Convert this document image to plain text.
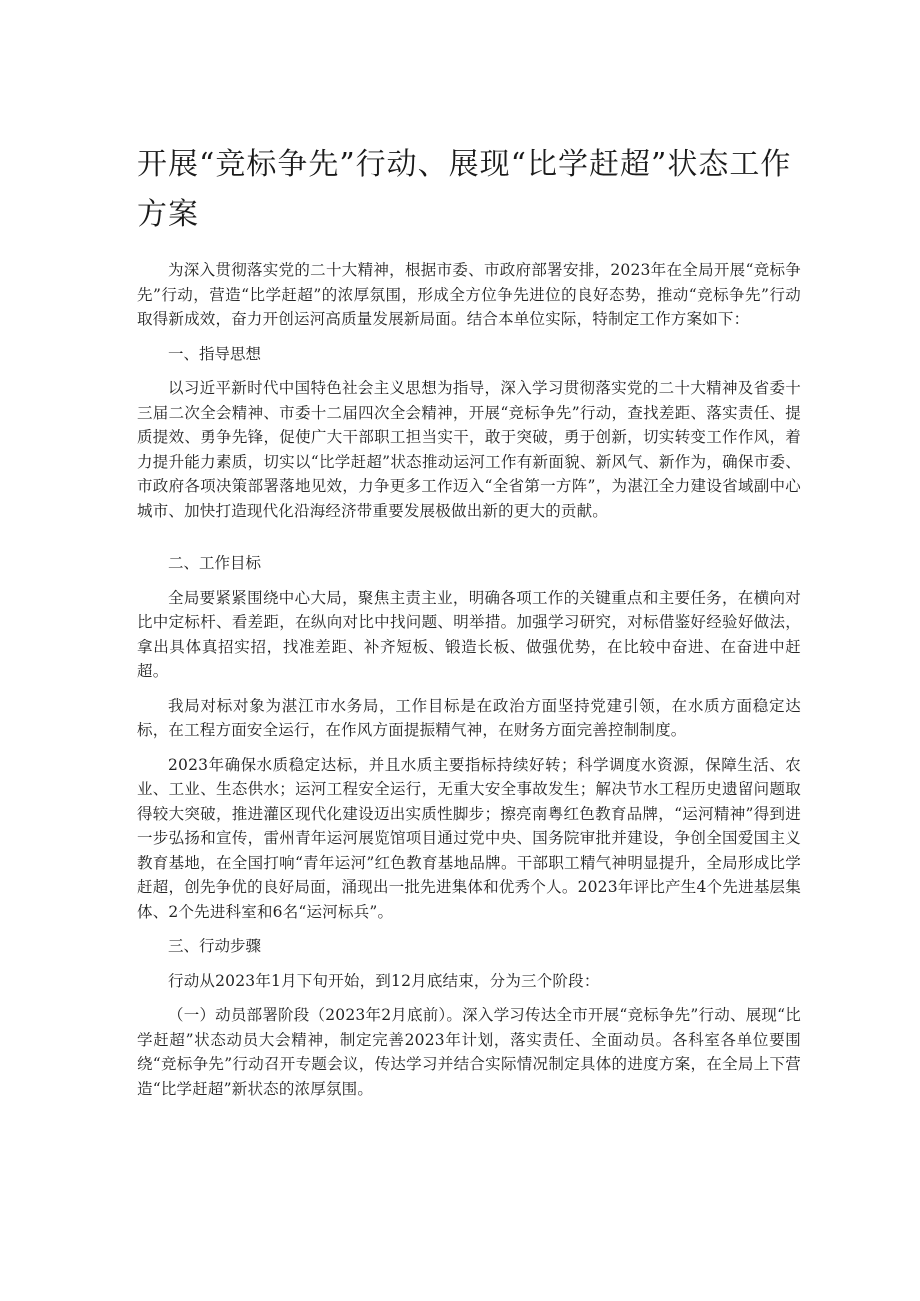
开展“竞标争先”行动、展现“比学赶超”状态工作方案

为深入贯彻落实党的二十大精神，根据市委、市政府部署安排，2023年在全局开展“竞标争先”行动，营造“比学赶超”的浓厚氛围，形成全方位争先进位的良好态势，推动“竞标争先”行动取得新成效，奋力开创运河高质量发展新局面。结合本单位实际，特制定工作方案如下：

一、指导思想

以习近平新时代中国特色社会主义思想为指导，深入学习贯彻落实党的二十大精神及省委十三届二次全会精神、市委十二届四次全会精神，开展“竞标争先”行动，查找差距、落实责任、提质提效、勇争先锋，促使广大干部职工担当实干，敢于突破，勇于创新，切实转变工作作风，着力提升能力素质，切实以“比学赶超”状态推动运河工作有新面貌、新风气、新作为，确保市委、市政府各项决策部署落地见效，力争更多工作迈入“全省第一方阵”，为湛江全力建设省域副中心城市、加快打造现代化沿海经济带重要发展极做出新的更大的贡献。

二、工作目标

全局要紧紧围绕中心大局，聚焦主责主业，明确各项工作的关键重点和主要任务，在横向对比中定标杆、看差距，在纵向对比中找问题、明举措。加强学习研究，对标借鉴好经验好做法，拿出具体真招实招，找准差距、补齐短板、锻造长板、做强优势，在比较中奋进、在奋进中赶超。

我局对标对象为湛江市水务局，工作目标是在政治方面坚持党建引领，在水质方面稳定达标，在工程方面安全运行，在作风方面提振精气神，在财务方面完善控制制度。

2023年确保水质稳定达标，并且水质主要指标持续好转；科学调度水资源，保障生活、农业、工业、生态供水；运河工程安全运行，无重大安全事故发生；解决节水工程历史遗留问题取得较大突破，推进灌区现代化建设迈出实质性脚步；擦亮南粤红色教育品牌，“运河精神”得到进一步弘扬和宣传，雷州青年运河展览馆项目通过党中央、国务院审批并建设，争创全国爱国主义教育基地，在全国打响“青年运河”红色教育基地品牌。干部职工精气神明显提升，全局形成比学赶超，创先争优的良好局面，涌现出一批先进集体和优秀个人。2023年评比产生4个先进基层集体、2个先进科室和6名“运河标兵”。

三、行动步骤

行动从2023年1月下旬开始，到12月底结束，分为三个阶段：

（一）动员部署阶段（2023年2月底前）。深入学习传达全市开展“竞标争先”行动、展现“比学赶超”状态动员大会精神，制定完善2023年计划，落实责任、全面动员。各科室各单位要围绕“竞标争先”行动召开专题会议，传达学习并结合实际情况制定具体的进度方案，在全局上下营造“比学赶超”新状态的浓厚氛围。
